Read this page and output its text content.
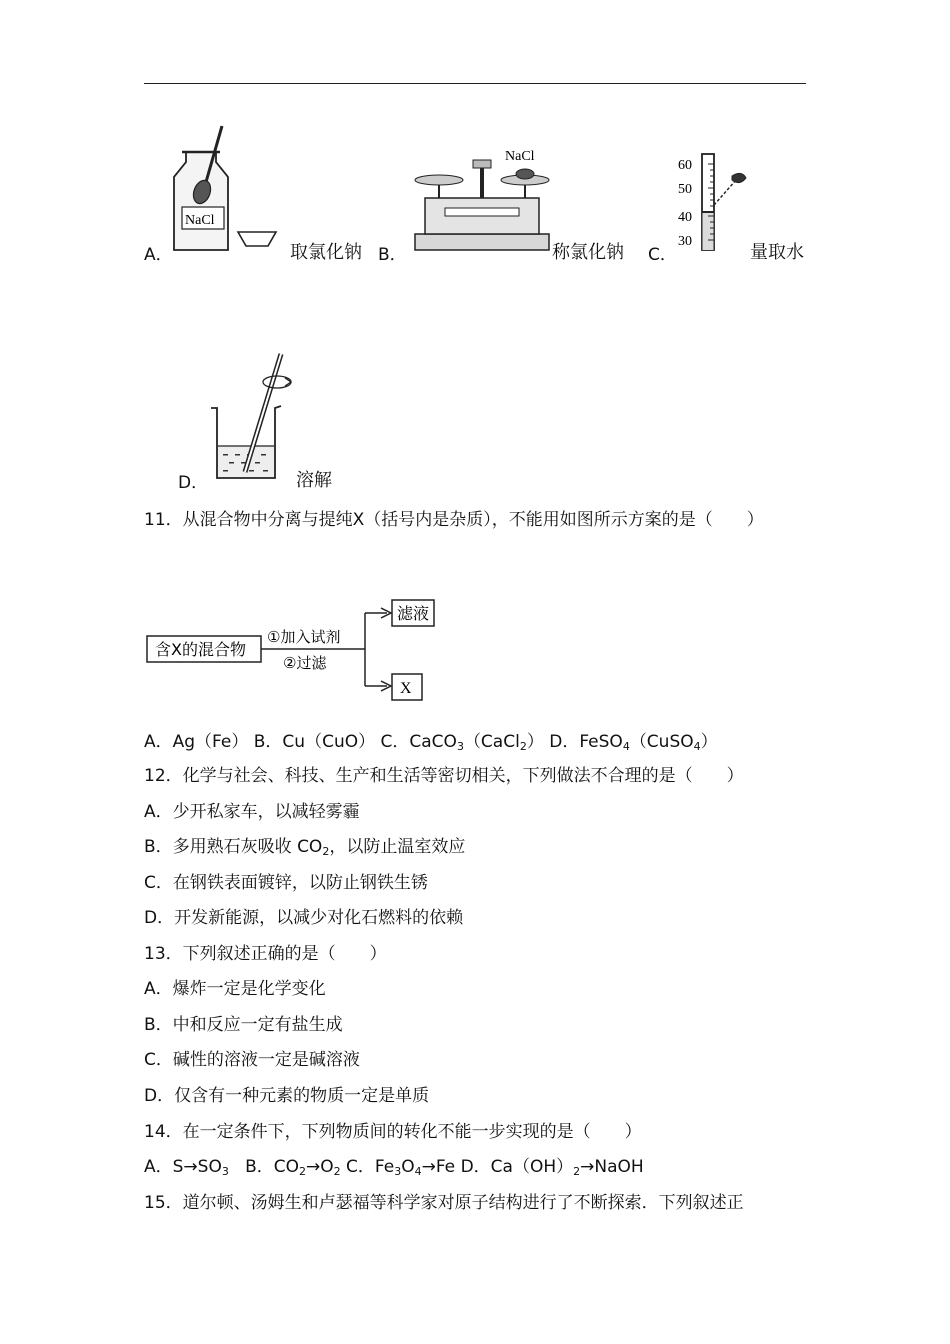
A．
NaCl
取氯化钠 B．
NaCl
称氯化钠 C．
60
50
40
30
量取水
D．	溶解
11．从混合物中分离与提纯X（括号内是杂质），不能用如图所示方案的是（　　）
含X的混合物
①加入试剂
②过滤
滤液
X
A．Ag（Fe） B．Cu（CuO） C．CaCO$_3$（CaCl$_2$） D．FeSO$_4$（CuSO$_4$）
12．化学与社会、科技、生产和生活等密切相关，下列做法不合理的是（　　）
A．少开私家车，以减轻雾霾
B．多用熟石灰吸收 $CO_2$，以防止温室效应
C．在钢铁表面镀锌，以防止钢铁生锈
D．开发新能源，以减少对化石燃料的依赖
13．下列叙述正确的是（　　）
A．爆炸一定是化学变化
B．中和反应一定有盐生成
C．碱性的溶液一定是碱溶液
D．仅含有一种元素的物质一定是单质
14．在一定条件下，下列物质间的转化不能一步实现的是（　　）
A．$S\to SO_3$ B．$CO_2\to O_2$ C．$Fe_3O_4\to Fe$ D．$Ca(OH)_2\to NaOH$
15．道尔顿、汤姆生和卢瑟福等科学家对原子结构进行了不断探索．下列叙述正
